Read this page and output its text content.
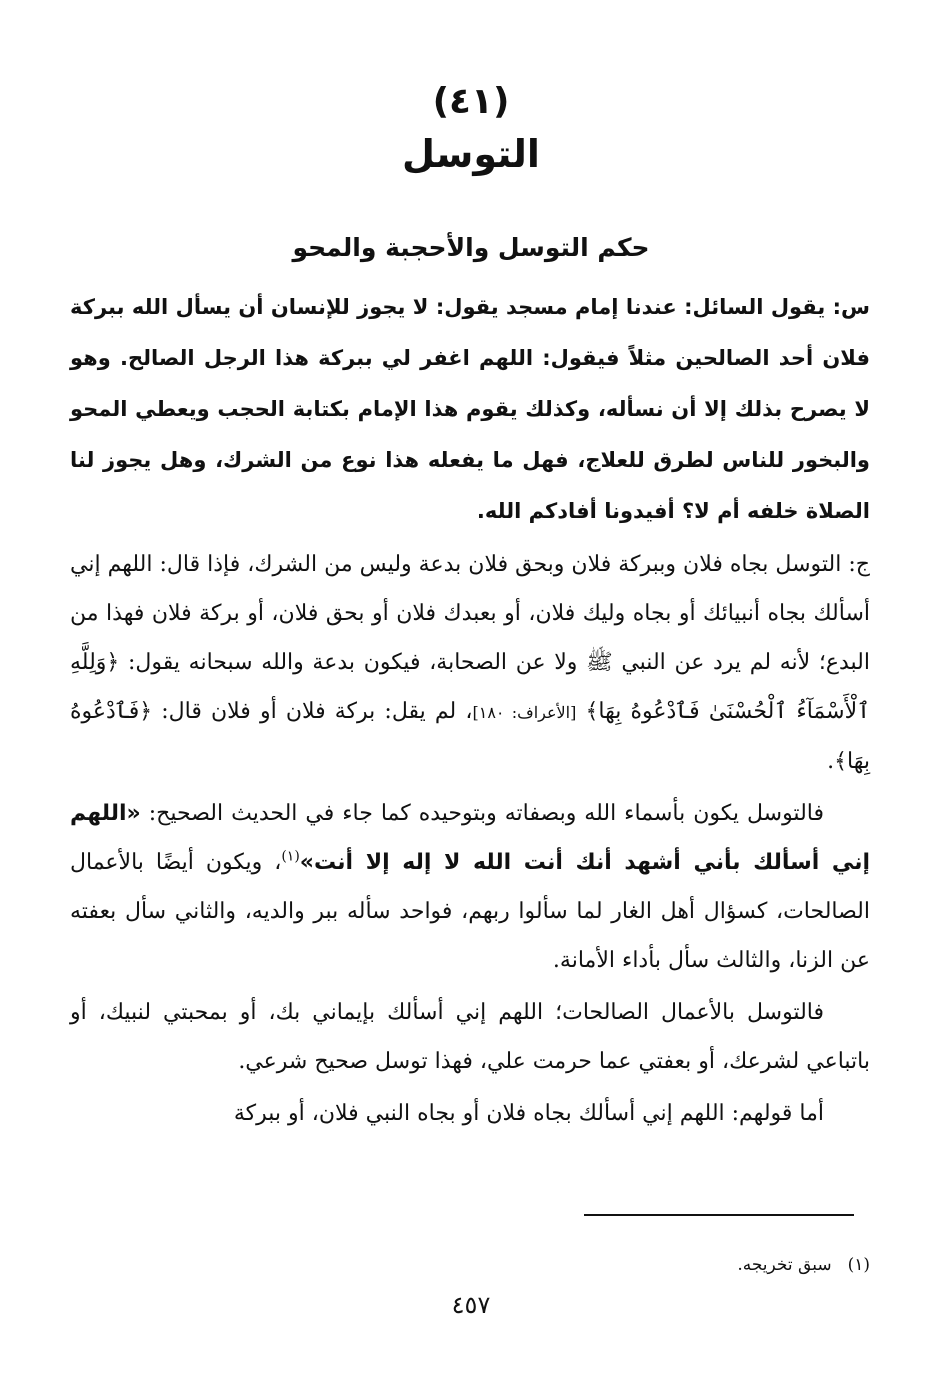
(٤١)
التوسل
حكم التوسل والأحجبة والمحو

س: يقول السائل: عندنا إمام مسجد يقول: لا يجوز للإنسان أن يسأل الله ببركة فلان أحد الصالحين مثلاً فيقول: اللهم اغفر لي ببركة هذا الرجل الصالح. وهو لا يصرح بذلك إلا أن نسأله، وكذلك يقوم هذا الإمام بكتابة الحجب ويعطي المحو والبخور للناس لطرق للعلاج، فهل ما يفعله هذا نوع من الشرك، وهل يجوز لنا الصلاة خلفه أم لا؟ أفيدونا أفادكم الله.

ج: التوسل بجاه فلان وببركة فلان وبحق فلان بدعة وليس من الشرك، فإذا قال: اللهم إني أسألك بجاه أنبيائك أو بجاه وليك فلان، أو بعبدك فلان أو بحق فلان، أو بركة فلان فهذا من البدع؛ لأنه لم يرد عن النبي ﷺ ولا عن الصحابة، فيكون بدعة والله سبحانه يقول: ﴿وَلِلَّهِ ٱلْأَسْمَآءُ ٱلْحُسْنَىٰ فَٱدْعُوهُ بِهَا﴾ [الأعراف: ١٨٠]، لم يقل: بركة فلان أو فلان قال: ﴿فَٱدْعُوهُ بِهَا﴾.

فالتوسل يكون بأسماء الله وبصفاته وبتوحيده كما جاء في الحديث الصحيح: «اللهم إني أسألك بأني أشهد أنك أنت الله لا إله إلا أنت»$^{(١)}$، ويكون أيضًا بالأعمال الصالحات، كسؤال أهل الغار لما سألوا ربهم، فواحد سأله ببر والديه، والثاني سأل بعفته عن الزنا، والثالث سأل بأداء الأمانة.

فالتوسل بالأعمال الصالحات؛ اللهم إني أسألك بإيماني بك، أو بمحبتي لنبيك، أو باتباعي لشرعك، أو بعفتي عما حرمت علي، فهذا توسل صحيح شرعي.

أما قولهم: اللهم إني أسألك بجاه فلان أو بجاه النبي فلان، أو ببركة

(١)سبق تخريجه.
٤٥٧
